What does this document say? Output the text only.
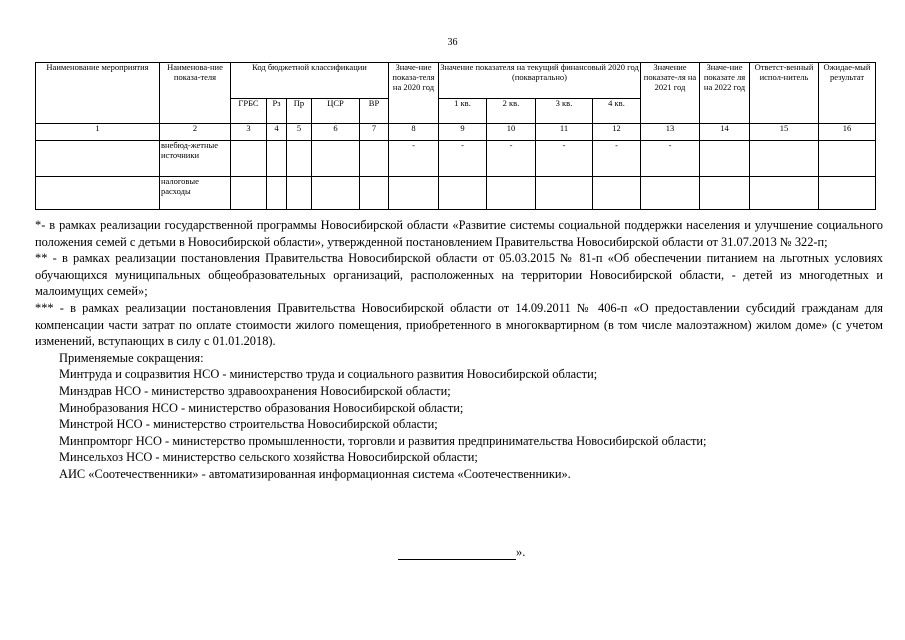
36
Наименование мероприятия	Наименова-ние показа-теля	Код бюджетной классификации					Значе-ние показа-теля на 2020 год	Значение показателя на текущий финансовый 2020 год (поквартально)				Значение показате-ля на 2021 год	Значе-ние показате ля на 2022 год	Ответст-венный испол-нитель	Ожидае-мый результат
		ГРБС	Рз	Пр	ЦСР	ВР		1 кв.	2 кв.	3 кв.	4 кв.				
1	2	3	4	5	6	7	8	9	10	11	12	13	14	15	16
	внебюд-жетные источники						-	-	-	-	-	-			
	налоговые расходы														

*- в рамках реализации государственной программы Новосибирской области «Развитие системы социальной поддержки населения и улучшение социального положения семей с детьми в Новосибирской области», утвержденной постановлением Правительства Новосибирской области от 31.07.2013 № 322-п;

** - в рамках реализации постановления Правительства Новосибирской области от 05.03.2015 № 81-п «Об обеспечении питанием на льготных условиях обучающихся муниципальных общеобразовательных организаций, расположенных на территории Новосибирской области, - детей из многодетных и малоимущих семей»;

*** - в рамках реализации постановления Правительства Новосибирской области от 14.09.2011 № 406-п «О предоставлении субсидий гражданам для компенсации части затрат по оплате стоимости жилого помещения, приобретенного в многоквартирном (в том числе малоэтажном) жилом доме» (с учетом изменений, вступающих в силу с 01.01.2018).

Применяемые сокращения:

Минтруда и соцразвития НСО - министерство труда и социального развития Новосибирской области;

Минздрав НСО - министерство здравоохранения Новосибирской области;

Минобразования НСО - министерство образования Новосибирской области;

Минстрой НСО - министерство строительства Новосибирской области;

Минпромторг НСО - министерство промышленности, торговли и развития предпринимательства Новосибирской области;

Минсельхоз НСО - министерство сельского хозяйства Новосибирской области;

АИС «Соотечественники» - автоматизированная информационная система «Соотечественники».

».
